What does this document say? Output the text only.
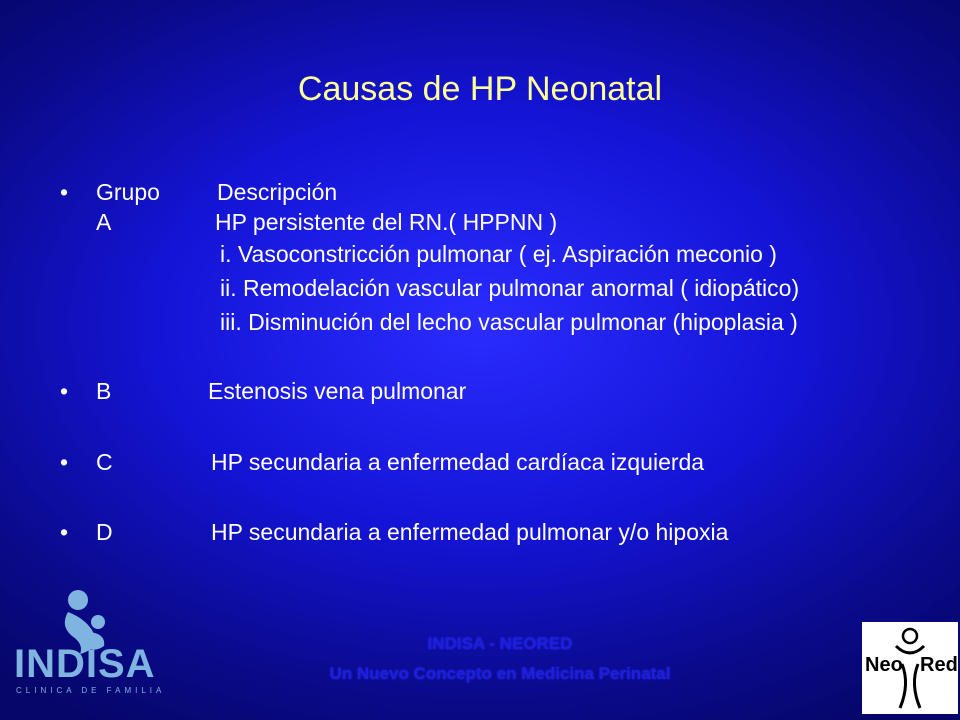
Causas de HP Neonatal
• Grupo Descripción
A	HP persistente del RN.( HPPNN )
i. Vasoconstricción pulmonar ( ej. Aspiración meconio )
ii. Remodelación vascular pulmonar anormal ( idiopático)
iii. Disminución del lecho vascular pulmonar (hipoplasia )
• B	Estenosis vena pulmonar
• C	HP secundaria a enfermedad cardíaca izquierda
• D	HP secundaria a enfermedad pulmonar y/o hipoxia
INDISA - NEORED
Un Nuevo Concepto en Medicina Perinatal
INDISA
CLINICA DE FAMILIA
Neo Red
